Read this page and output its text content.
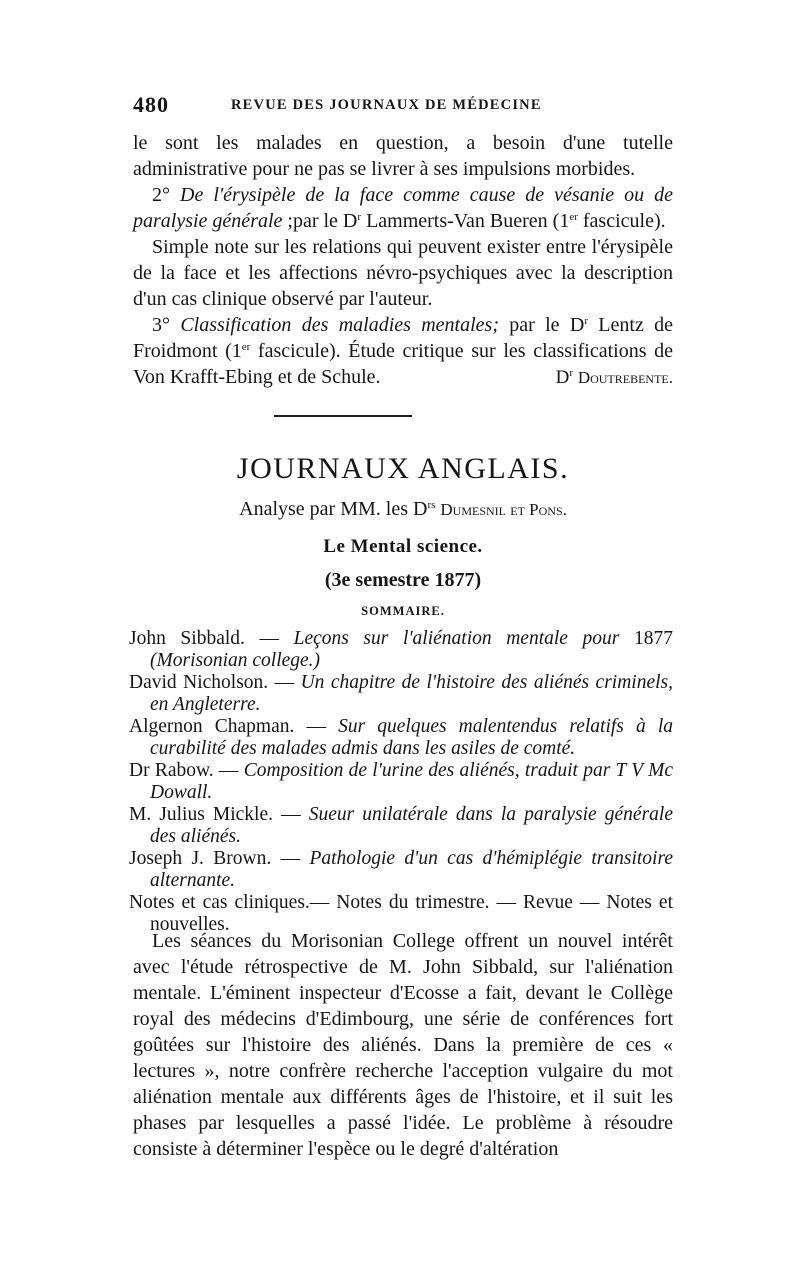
480	REVUE DES JOURNAUX DE MÉDECINE

le sont les malades en question, a besoin d'une tutelle administrative pour ne pas se livrer à ses impulsions morbides.

2° De l'érysipèle de la face comme cause de vésanie ou de paralysie générale ;par le $D^r$ Lammerts-Van Bueren (1er fascicule).

Simple note sur les relations qui peuvent exister entre l'érysipèle de la face et les affections névro-psychiques avec la description d'un cas clinique observé par l'auteur.

3° Classification des maladies mentales; par le $D^r$ Lentz de Froidmont (1er fascicule). Étude critique sur les classifications de Von Krafft-Ebing et de Schule.	$D^r$ Doutrebente.
JOURNAUX ANGLAIS.
Analyse par MM. les $D^{rs}$ Dumesnil et Pons.
Le Mental science.
(3e semestre 1877)
SOMMAIRE.
John Sibbald. — Leçons sur l'aliénation mentale pour 1877 (Morisonian college.)
David Nicholson. — Un chapitre de l'histoire des aliénés criminels, en Angleterre.
Algernon Chapman. — Sur quelques malentendus relatifs à la curabilité des malades admis dans les asiles de comté.
Dr Rabow. — Composition de l'urine des aliénés, traduit par T V Mc Dowall.
M. Julius Mickle. — Sueur unilatérale dans la paralysie générale des aliénés.
Joseph J. Brown. — Pathologie d'un cas d'hémiplégie transitoire alternante.
Notes et cas cliniques.— Notes du trimestre. — Revue — Notes et nouvelles.

Les séances du Morisonian College offrent un nouvel intérêt avec l'étude rétrospective de M. John Sibbald, sur l'aliénation mentale. L'éminent inspecteur d'Ecosse a fait, devant le Collège royal des médecins d'Edimbourg, une série de conférences fort goûtées sur l'histoire des aliénés. Dans la première de ces « lectures », notre confrère recherche l'acception vulgaire du mot aliénation mentale aux différents âges de l'histoire, et il suit les phases par lesquelles a passé l'idée. Le problème à résoudre consiste à déterminer l'espèce ou le degré d'altération
